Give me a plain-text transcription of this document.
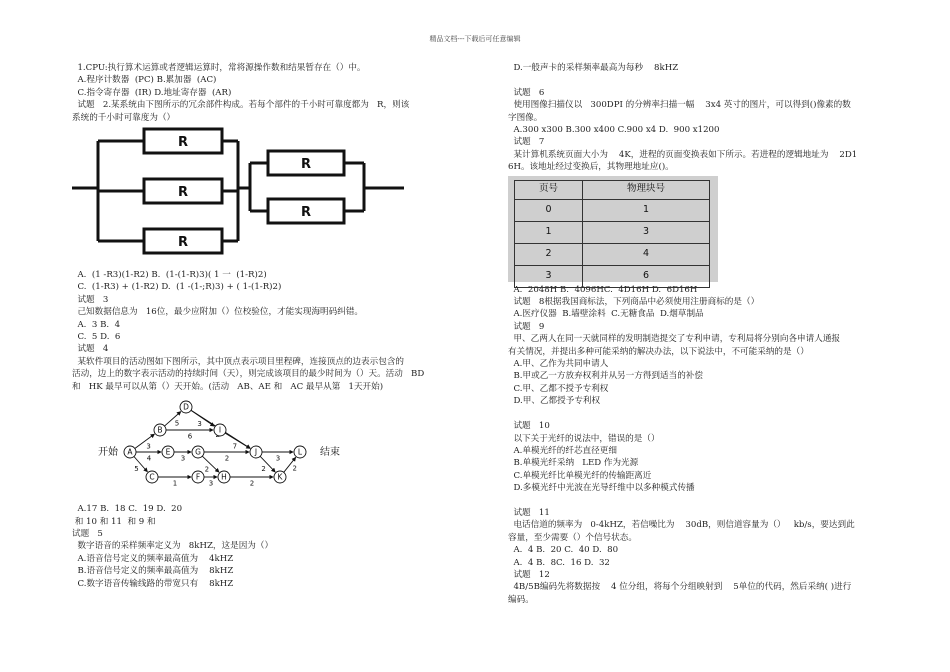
精品文档---下载后可任意编辑
1.CPU:执行算术运算或者逻辑运算时，常将源操作数和结果暂存在（）中。
A.程序计数器  (PC) B.累加器  (AC)
C.指令寄存器  (IR) D.地址寄存器  (AR)
试题   2.某系统由下图所示的冗余部件构成。若每个部件的千小时可靠度都为   R，则该
系统的千小时可靠度为（）
R
R
R
R
R
A.  (1 -R3)(1-R2) B.  (1-(1-R)3)( 1 一  (1-R)2)
C.  (1-R3) + (1-R2) D.  (1 -(1-;R)3) + ( 1-(1-R)2)
试题   3
己知数据信息为   16位，最少应附加（）位校验位，才能实现海明码纠错。
A.  3 B.  4
C.  5 D.  6
试题   4
某软件项目的活动图如下图所示，其中顶点表示项目里程碑，连接顶点的边表示包含的
活动，边上的数字表示活动的持续时间（天），则完成该项目的最少时间为（）天。活动   BD
和   HK 最早可以从第（）天开始。(活动   AB、AE 和   AC 最早从第   1天开始)
开始	结束
3
4
5
5
6
3
3	2
7
1	3	2
2
3
2
2
A
B
C
D
E
F
G
H
I
J
K
L
A.17 B.  18 C.  19 D.  20
和 10 和 11  和 9 和
试题   5
数字语音的采样频率定义为   8kHZ，这是因为（）
A.语音信号定义的频率最高值为    4kHZ
B.语音信号定义的频率最高值为    8kHZ
C.数字语音传输线路的带宽只有    8kHZ
D.一般声卡的采样频率最高为每秒    8kHZ
试题   6
使用图像扫描仪以   300DPI 的分辨率扫描一幅    3x4 英寸的图片，可以得到()像素的数
字图像。
A.300 x300 B.300 x400 C.900 x4 D.  900 x1200
试题   7
某计算机系统页面大小为    4K，进程的页面变换表如下所示。若进程的逻辑地址为    2D1
6H。该地址经过变换后，其物理地址应()。
页号	物理块号
0	1
1	3
2	4
3	6
A.  2048H B.  4096HC.  4D16H D.  6D16H
试题   8根据我国商标法，下列商品中必须使用注册商标的是（）
A.医疗仪器  B.墙壁涂料  C.无糖食品  D.烟草制品
试题   9
甲、乙两人在同一天就同样的发明制造提交了专利申请，专利局将分别向各申请人通报
有关情况，并提出多种可能采纳的解决办法，以下说法中，不可能采纳的是（）
A.甲、乙作为共同申请人
B.甲或乙一方放弃权利并从另一方得到适当的补偿
C.甲、乙都不授予专利权
D.甲、乙都授予专利权
试题   10
以下关于光纤的说法中，错误的是（）
A.单模光纤的纤芯直径更细
B.单模光纤采纳   LED 作为光源
C.单模光纤比单模光纤的传输距离近
D.多模光纤中光波在光导纤维中以多种模式传播
试题   11
电话信道的频率为   0-4kHZ，若信噪比为    30dB，则信道容量为（）   kb/s，要达到此
容量，至少需要（）个信号状态。
A.  4 B.  20 C.  40 D.  80
A.  4 B.  8C.  16 D.  32
试题   12
4B/5B编码先将数据按    4 位分组，将每个分组映射到    5单位的代码，然后采纳( )进行
编码。
